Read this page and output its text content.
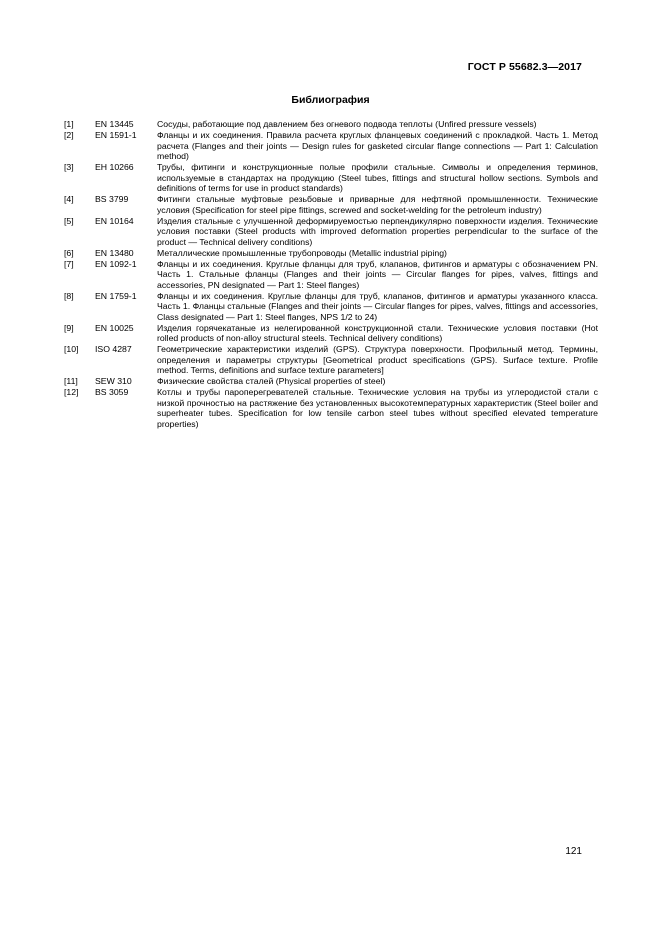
ГОСТ Р 55682.3—2017
Библиография
[1]	EN 13445	Сосуды, работающие под давлением без огневого подвода теплоты (Unfired pressure vessels)
[2]	EN 1591-1	Фланцы и их соединения. Правила расчета круглых фланцевых соединений с прокладкой. Часть 1. Метод расчета (Flanges and their joints — Design rules for gasketed circular flange connections — Part 1: Calculation method)
[3]	EH 10266	Трубы, фитинги и конструкционные полые профили стальные. Символы и определения терминов, используемые в стандартах на продукцию (Steel tubes, fittings and structural hollow sections. Symbols and definitions of terms for use in product standards)
[4]	BS 3799	Фитинги стальные муфтовые резьбовые и приварные для нефтяной промышленности. Технические условия (Specification for steel pipe fittings, screwed and socket-welding for the petroleum industry)
[5]	EN 10164	Изделия стальные с улучшенной деформируемостью перпендикулярно поверхности изделия. Технические условия поставки (Steel products with improved deformation properties perpendicular to the surface of the product — Technical delivery conditions)
[6]	EN 13480	Металлические промышленные трубопроводы (Metallic industrial piping)
[7]	EN 1092-1	Фланцы и их соединения. Круглые фланцы для труб, клапанов, фитингов и арматуры с обозначением PN. Часть 1. Стальные фланцы (Flanges and their joints — Circular flanges for pipes, valves, fittings and accessories, PN designated — Part 1: Steel flanges)
[8]	EN 1759-1	Фланцы и их соединения. Круглые фланцы для труб, клапанов, фитингов и арматуры указанного класса. Часть 1. Фланцы стальные (Flanges and their joints — Circular flanges for pipes, valves, fittings and accessories, Class designated — Part 1: Steel flanges, NPS 1/2 to 24)
[9]	EN 10025	Изделия горячекатаные из нелегированной конструкционной стали. Технические условия поставки (Hot rolled products of non-alloy structural steels. Technical delivery conditions)
[10]	ISO 4287	Геометрические характеристики изделий (GPS). Структура поверхности. Профильный метод. Термины, определения и параметры структуры [Geometrical product specifications (GPS). Surface texture. Profile method. Terms, definitions and surface texture parameters]
[11]	SEW 310	Физические свойства сталей (Physical properties of steel)
[12]	BS 3059	Котлы и трубы пароперегревателей стальные. Технические условия на трубы из углеродистой стали с низкой прочностью на растяжение без установленных высокотемпературных характеристик (Steel boiler and superheater tubes. Specification for low tensile carbon steel tubes without specified elevated temperature properties)
121
